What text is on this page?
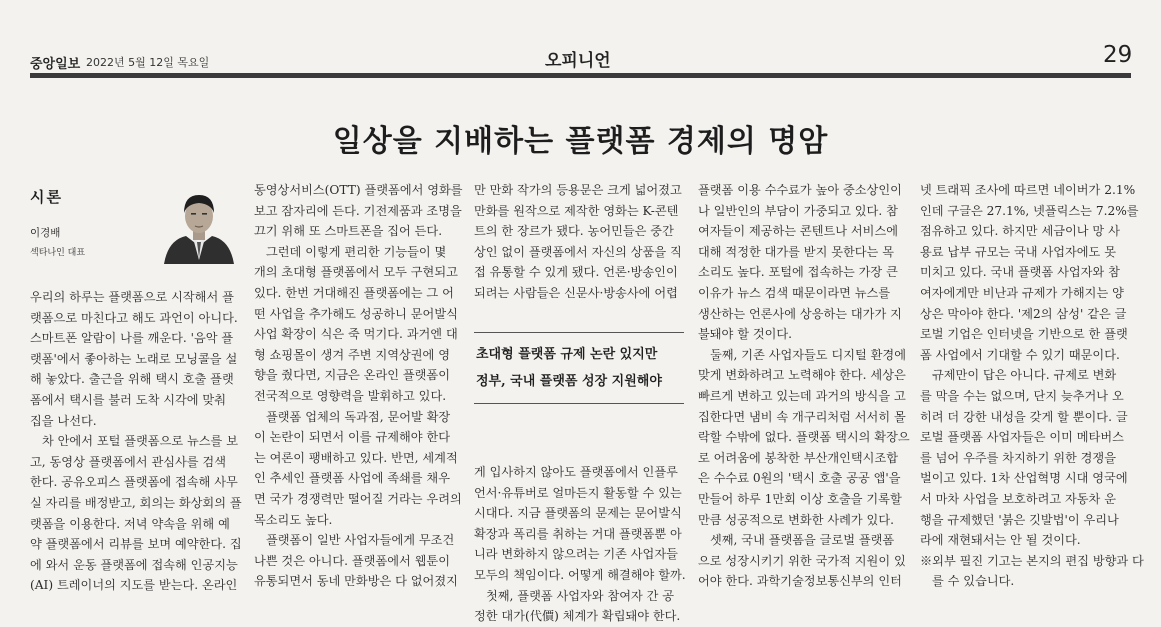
중앙일보 2022년 5월 12일 목요일	오피니언	29
일상을 지배하는 플랫폼 경제의 명암
시론
이경배
섹타나인 대표

우리의 하루는 플랫폼으로 시작해서 플

랫폼으로 마친다고 해도 과언이 아니다.

스마트폰 알람이 나를 깨운다. '음악 플

랫폼'에서 좋아하는 노래로 모닝콜을 설

해 놓았다. 출근을 위해 택시 호출 플랫

폼에서 택시를 불러 도착 시각에 맞춰

집을 나선다.

차 안에서 포털 플랫폼으로 뉴스를 보

고, 동영상 플랫폼에서 관심사를 검색

한다. 공유오피스 플랫폼에 접속해 사무

실 자리를 배정받고, 회의는 화상회의 플

랫폼을 이용한다. 저녁 약속을 위해 예

약 플랫폼에서 리뷰를 보며 예약한다. 집

에 와서 운동 플랫폼에 접속해 인공지능

(AI) 트레이너의 지도를 받는다. 온라인

동영상서비스(OTT) 플랫폼에서 영화를

보고 잠자리에 든다. 기전제품과 조명을

끄기 위해 또 스마트폰을 집어 든다.

그런데 이렇게 편리한 기능들이 몇

개의 초대형 플랫폼에서 모두 구현되고

있다. 한번 거대해진 플랫폼에는 그 어

떤 사업을 추가해도 성공하니 문어발식

사업 확장이 식은 죽 먹기다. 과거엔 대

형 쇼핑몰이 생겨 주변 지역상권에 영

향을 줬다면, 지금은 온라인 플랫폼이

전국적으로 영향력을 발휘하고 있다.

플랫폼 업체의 독과점, 문어발 확장

이 논란이 되면서 이를 규제해야 한다

는 여론이 팽배하고 있다. 반면, 세계적

인 추세인 플랫폼 사업에 족쇄를 채우

면 국가 경쟁력만 떨어질 거라는 우려의

목소리도 높다.

플랫폼이 일반 사업자들에게 무조건

나쁜 것은 아니다. 플랫폼에서 웹툰이

유통되면서 동네 만화방은 다 없어졌지

만 만화 작가의 등용문은 크게 넓어졌고

만화를 원작으로 제작한 영화는 K-콘텐

트의 한 장르가 됐다. 농어민들은 중간

상인 없이 플랫폼에서 자신의 상품을 직

접 유통할 수 있게 됐다. 언론·방송인이

되려는 사람들은 신문사·방송사에 어렵

초대형 플랫폼 규제 논란 있지만
정부, 국내 플랫폼 성장 지원해야

게 입사하지 않아도 플랫폼에서 인플루

언서·유튜버로 얼마든지 활동할 수 있는

시대다. 지금 플랫폼의 문제는 문어발식

확장과 폭리를 취하는 거대 플랫폼뿐 아

니라 변화하지 않으려는 기존 사업자들

모두의 책임이다. 어떻게 해결해야 할까.

첫째, 플랫폼 사업자와 참여자 간 공

정한 대가(代價) 체계가 확립돼야 한다.

플랫폼 이용 수수료가 높아 중소상인이

나 일반인의 부담이 가중되고 있다. 참

여자들이 제공하는 콘텐트나 서비스에

대해 적정한 대가를 받지 못한다는 목

소리도 높다. 포털에 접속하는 가장 큰

이유가 뉴스 검색 때문이라면 뉴스를

생산하는 언론사에 상응하는 대가가 지

불돼야 할 것이다.

둘째, 기존 사업자들도 디지털 환경에

맞게 변화하려고 노력해야 한다. 세상은

빠르게 변하고 있는데 과거의 방식을 고

집한다면 냄비 속 개구리처럼 서서히 몰

락할 수밖에 없다. 플랫폼 택시의 확장으

로 어려움에 봉착한 부산개인택시조합

은 수수료 0원의 '택시 호출 공공 앱'을

만들어 하루 1만회 이상 호출을 기록할

만큼 성공적으로 변화한 사례가 있다.

셋째, 국내 플랫폼을 글로벌 플랫폼

으로 성장시키기 위한 국가적 지원이 있

어야 한다. 과학기술정보통신부의 인터

넷 트래픽 조사에 따르면 네이버가 2.1%

인데 구글은 27.1%, 넷플릭스는 7.2%를

점유하고 있다. 하지만 세금이나 망 사

용료 납부 규모는 국내 사업자에도 못

미치고 있다. 국내 플랫폼 사업자와 참

여자에게만 비난과 규제가 가해지는 양

상은 막아야 한다. '제2의 삼성' 같은 글

로벌 기업은 인터넷을 기반으로 한 플랫

폼 사업에서 기대할 수 있기 때문이다.

규제만이 답은 아니다. 규제로 변화

를 막을 수는 없으며, 단지 늦추거나 오

히려 더 강한 내성을 갖게 할 뿐이다. 글

로벌 플랫폼 사업자들은 이미 메타버스

를 넘어 우주를 차지하기 위한 경쟁을

벌이고 있다. 1차 산업혁명 시대 영국에

서 마차 사업을 보호하려고 자동차 운

행을 규제했던 '붉은 깃발법'이 우리나

라에 재현돼서는 안 될 것이다.

※외부 필진 기고는 본지의 편집 방향과 다

를 수 있습니다.
